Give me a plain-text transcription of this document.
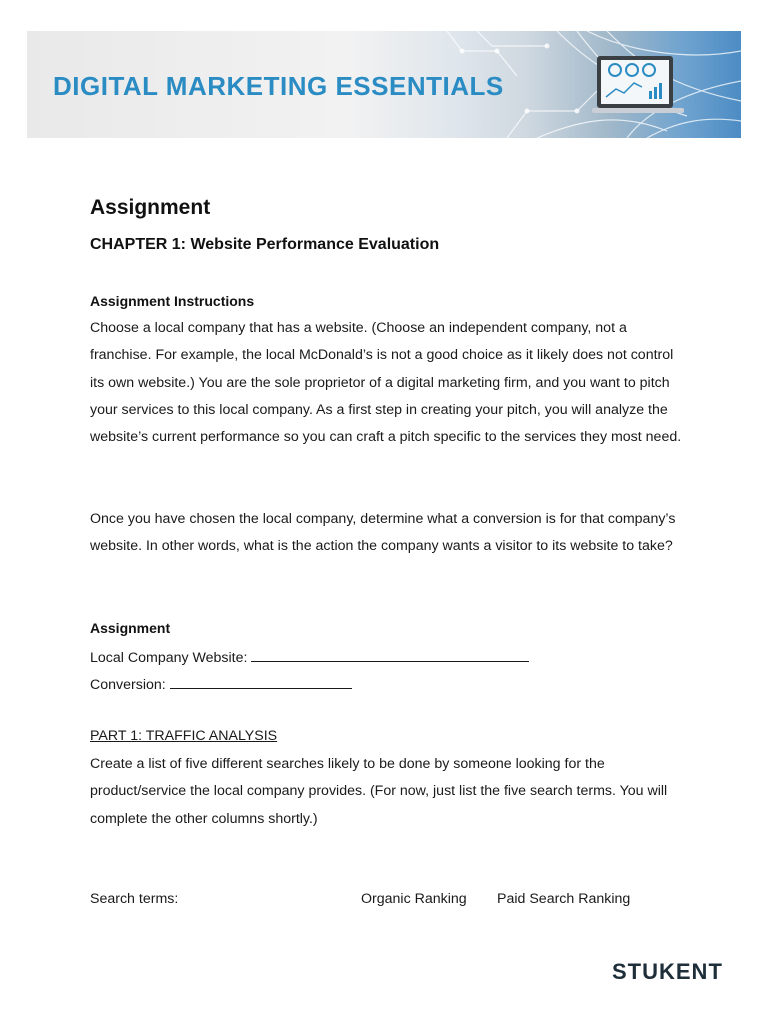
DIGITAL MARKETING ESSENTIALS
Assignment
CHAPTER 1: Website Performance Evaluation
Assignment Instructions
Choose a local company that has a website. (Choose an independent company, not a franchise. For example, the local McDonald’s is not a good choice as it likely does not control its own website.) You are the sole proprietor of a digital marketing firm, and you want to pitch your services to this local company. As a first step in creating your pitch, you will analyze the website’s current performance so you can craft a pitch specific to the services they most need.
Once you have chosen the local company, determine what a conversion is for that company’s website. In other words, what is the action the company wants a visitor to its website to take?
Assignment
Local Company Website:
Conversion:
PART 1: TRAFFIC ANALYSIS
Create a list of five different searches likely to be done by someone looking for the product/service the local company provides. (For now, just list the five search terms. You will complete the other columns shortly.)
Search terms:	Organic Ranking Paid Search Ranking
STUKENT
